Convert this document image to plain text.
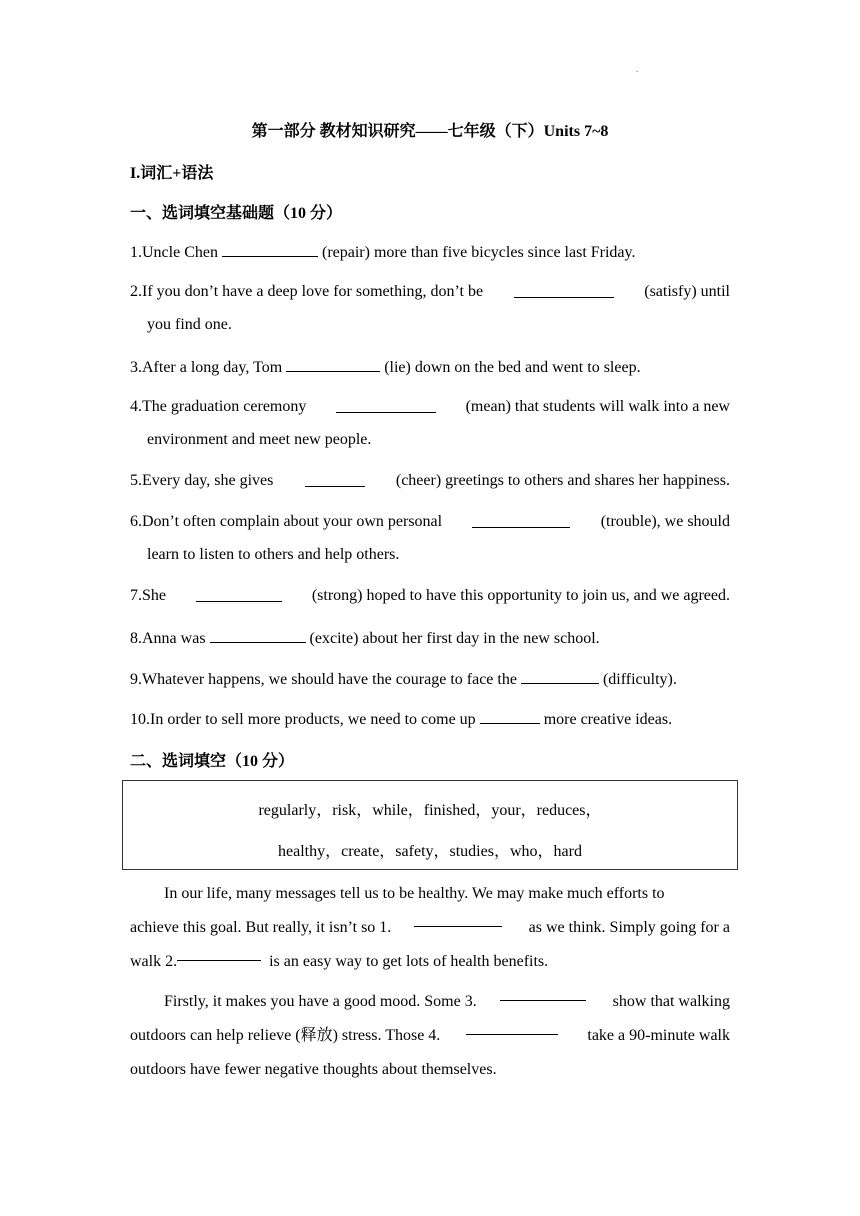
.
第一部分 教材知识研究——七年级（下）Units 7~8
I.词汇+语法
一、选词填空基础题（10 分）
1.Uncle Chen	(repair) more than five bicycles since last Friday.
2.If you don’t have a deep love for something, don’t be	(satisfy) until
you find one.
3.After a long day, Tom	(lie) down on the bed and went to sleep.
4.The graduation ceremony	(mean) that students will walk into a new
environment and meet new people.
5.Every day, she gives	(cheer) greetings to others and shares her happiness.
6.Don’t often complain about your own personal	(trouble), we should
learn to listen to others and help others.
7.She	(strong) hoped to have this opportunity to join us, and we agreed.
8.Anna was	(excite) about her first day in the new school.
9.Whatever happens, we should have the courage to face the	(difficulty).
10.In order to sell more products, we need to come up	more creative ideas.
二、选词填空（10 分）
regularly，risk，while，finished，your，reduces，
healthy，create，safety，studies，who，hard
In our life, many messages tell us to be healthy. We may make much efforts to
achieve this goal. But really, it isn’t so 1.	as we think. Simply going for a
walk 2.	is an easy way to get lots of health benefits.
Firstly, it makes you have a good mood. Some 3.	show that walking
outdoors can help relieve (释放) stress. Those 4.	take a 90-minute walk
outdoors have fewer negative thoughts about themselves.
